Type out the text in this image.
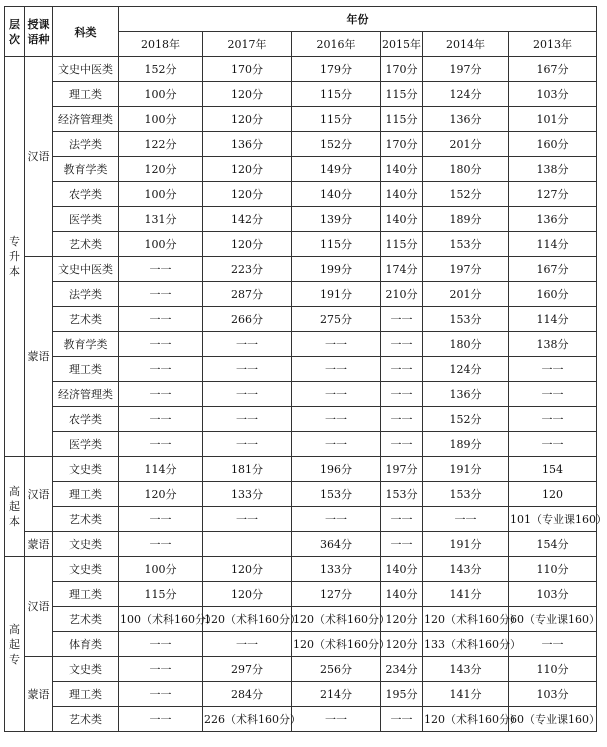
层次	授课语种	科类	年份					
			2018年	2017年	2016年	2015年	2014年	2013年
专升本	汉语	文史中医类	152分	170分	179分	170分	197分	167分
		理工类	100分	120分	115分	115分	124分	103分
		经济管理类	100分	120分	115分	115分	136分	101分
		法学类	122分	136分	152分	170分	201分	160分
		教育学类	120分	120分	149分	140分	180分	138分
		农学类	100分	120分	140分	140分	152分	127分
		医学类	131分	142分	139分	140分	189分	136分
		艺术类	100分	120分	115分	115分	153分	114分
	蒙语	文史中医类	一一	223分	199分	174分	197分	167分
		法学类	一一	287分	191分	210分	201分	160分
		艺术类	一一	266分	275分	一一	153分	114分
		教育学类	一一	一一	一一	一一	180分	138分
		理工类	一一	一一	一一	一一	124分	一一
		经济管理类	一一	一一	一一	一一	136分	一一
		农学类	一一	一一	一一	一一	152分	一一
		医学类	一一	一一	一一	一一	189分	一一
高起本	汉语	文史类	114分	181分	196分	197分	191分	154
		理工类	120分	133分	153分	153分	153分	120
		艺术类	一一	一一	一一	一一	一一	101（专业课160）
	蒙语	文史类	一一		364分	一一	191分	154分
高起专	汉语	文史类	100分	120分	133分	140分	143分	110分
		理工类	115分	120分	127分	140分	141分	103分
		艺术类	100（术科160分）	120（术科160分）	120（术科160分）	120分	120（术科160分）	60（专业课160）
		体育类	一一	一一	120（术科160分）	120分	133（术科160分）	一一
	蒙语	文史类	一一	297分	256分	234分	143分	110分
		理工类	一一	284分	214分	195分	141分	103分
		艺术类	一一	226（术科160分）	一一	一一	120（术科160分）	60（专业课160）
